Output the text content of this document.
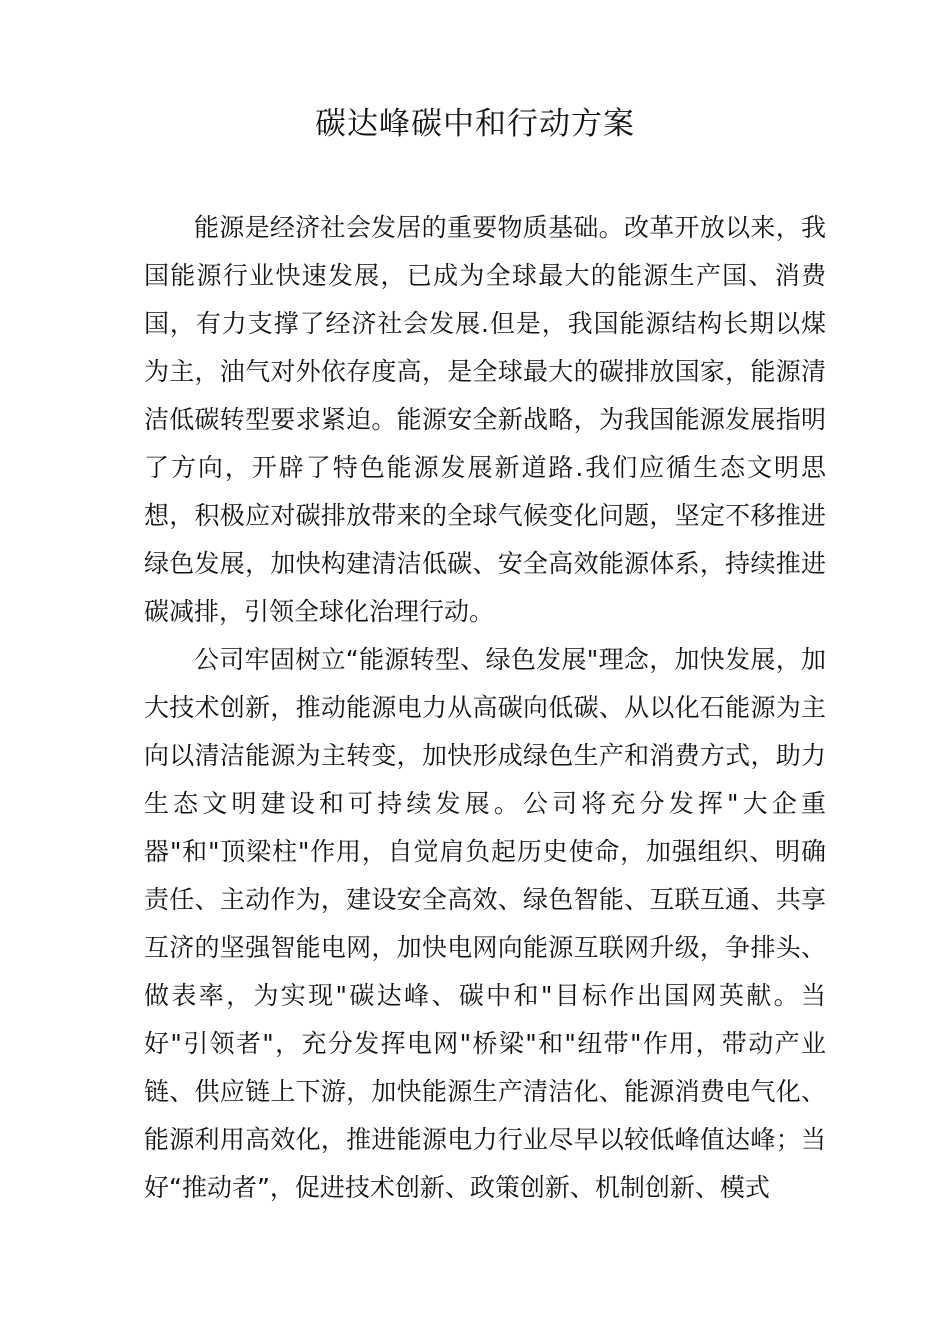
碳达峰碳中和行动方案

能源是经济社会发居的重要物质基础。改革开放以来，我国能源行业快速发展，已成为全球最大的能源生产国、消费国，有力支撑了经济社会发展.但是，我国能源结构长期以煤为主，油气对外依存度高，是全球最大的碳排放国家，能源清洁低碳转型要求紧迫。能源安全新战略，为我国能源发展指明了方向，开辟了特色能源发展新道路.我们应循生态文明思想，积极应对碳排放带来的全球气候变化问题，坚定不移推进绿色发展，加快构建清洁低碳、安全高效能源体系，持续推进碳减排，引领全球化治理行动。

公司牢固树立“能源转型、绿色发展"理念，加快发展，加大技术创新，推动能源电力从高碳向低碳、从以化石能源为主向以清洁能源为主转变，加快形成绿色生产和消费方式，助力生态文明建设和可持续发展。公司将充分发挥"大企重器"和"顶梁柱"作用，自觉肩负起历史使命，加强组织、明确责任、主动作为，建设安全高效、绿色智能、互联互通、共享互济的坚强智能电网，加快电网向能源互联网升级，争排头、做表率，为实现"碳达峰、碳中和"目标作出国网英献。当好"引领者"，充分发挥电网"桥梁"和"纽带"作用，带动产业链、供应链上下游，加快能源生产清洁化、能源消费电气化、能源利用高效化，推进能源电力行业尽早以较低峰值达峰；当好“推动者”，促进技术创新、政策创新、机制创新、模式
